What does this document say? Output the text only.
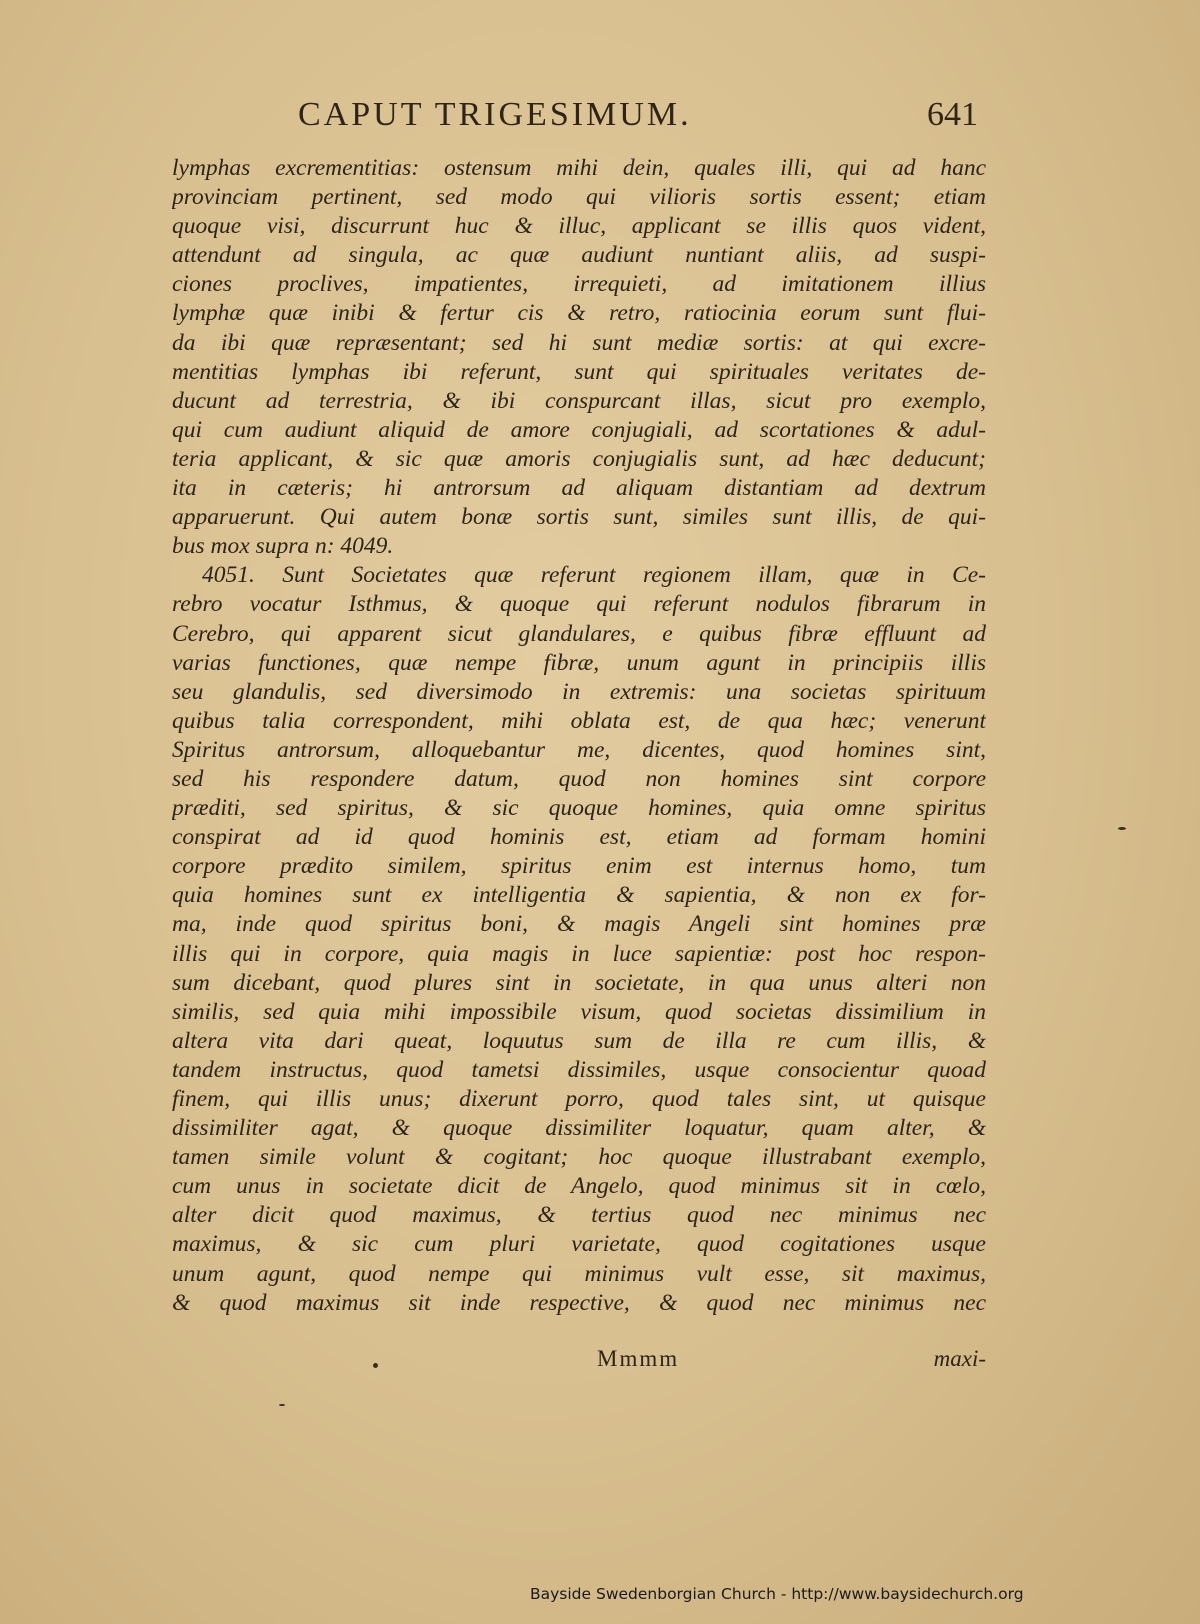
CAPUT TRIGESIMUM.	641
lymphas excrementitias: ostensum mihi dein, quales illi, qui ad hanc
provinciam pertinent, sed modo qui vilioris sortis essent; etiam
quoque visi, discurrunt huc & illuc, applicant se illis quos vident,
attendunt ad singula, ac quæ audiunt nuntiant aliis, ad suspi-
ciones proclives, impatientes, irrequieti, ad imitationem illius
lymphæ quæ inibi & fertur cis & retro, ratiocinia eorum sunt flui-
da ibi quæ repræsentant; sed hi sunt mediæ sortis: at qui excre-
mentitias lymphas ibi referunt, sunt qui spirituales veritates de-
ducunt ad terrestria, & ibi conspurcant illas, sicut pro exemplo,
qui cum audiunt aliquid de amore conjugiali, ad scortationes & adul-
teria applicant, & sic quæ amoris conjugialis sunt, ad hæc deducunt;
ita in cæteris; hi antrorsum ad aliquam distantiam ad dextrum
apparuerunt. Qui autem bonæ sortis sunt, similes sunt illis, de qui-
bus mox supra n: 4049.
4051. Sunt Societates quæ referunt regionem illam, quæ in Ce-
rebro vocatur Isthmus, & quoque qui referunt nodulos fibrarum in
Cerebro, qui apparent sicut glandulares, e quibus fibræ effluunt ad
varias functiones, quæ nempe fibræ, unum agunt in principiis illis
seu glandulis, sed diversimodo in extremis: una societas spirituum
quibus talia correspondent, mihi oblata est, de qua hæc; venerunt
Spiritus antrorsum, alloquebantur me, dicentes, quod homines sint,
sed his respondere datum, quod non homines sint corpore
præditi, sed spiritus, & sic quoque homines, quia omne spiritus
conspirat ad id quod hominis est, etiam ad formam homini
corpore prædito similem, spiritus enim est internus homo, tum
quia homines sunt ex intelligentia & sapientia, & non ex for-
ma, inde quod spiritus boni, & magis Angeli sint homines præ
illis qui in corpore, quia magis in luce sapientiæ: post hoc respon-
sum dicebant, quod plures sint in societate, in qua unus alteri non
similis, sed quia mihi impossibile visum, quod societas dissimilium in
altera vita dari queat, loquutus sum de illa re cum illis, &
tandem instructus, quod tametsi dissimiles, usque consocientur quoad
finem, qui illis unus; dixerunt porro, quod tales sint, ut quisque
dissimiliter agat, & quoque dissimiliter loquatur, quam alter, &
tamen simile volunt & cogitant; hoc quoque illustrabant exemplo,
cum unus in societate dicit de Angelo, quod minimus sit in cœlo,
alter dicit quod maximus, & tertius quod nec minimus nec
maximus, & sic cum pluri varietate, quod cogitationes usque
unum agunt, quod nempe qui minimus vult esse, sit maximus,
& quod maximus sit inde respective, & quod nec minimus nec
Mmmm	maxi-
Bayside Swedenborgian Church - http://www.baysidechurch.org
